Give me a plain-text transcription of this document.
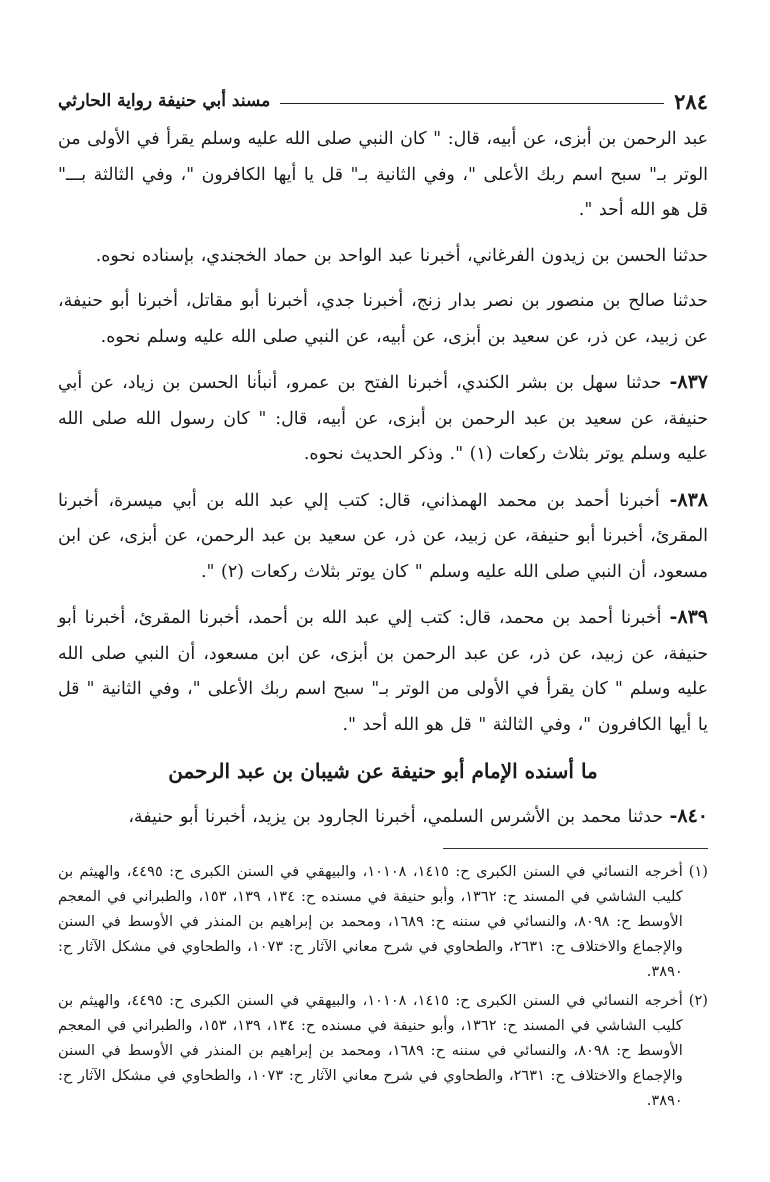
٢٨٤
مسند أبي حنيفة رواية الحارثي

عبد الرحمن بن أبزى، عن أبيه، قال: " كان النبي صلى الله عليه وسلم يقرأ في الأولى من الوتر بـ" سبح اسم ربك الأعلى "، وفي الثانية بـ" قل يا أيها الكافرون "، وفي الثالثة بـــ" قل هو الله أحد ".

حدثنا الحسن بن زيدون الفرغاني، أخبرنا عبد الواحد بن حماد الخجندي، بإسناده نحوه.

حدثنا صالح بن منصور بن نصر بدار زنج، أخبرنا جدي، أخبرنا أبو مقاتل، أخبرنا أبو حنيفة، عن زبيد، عن ذر، عن سعيد بن أبزى، عن أبيه، عن النبي صلى الله عليه وسلم نحوه.

٨٣٧- حدثنا سهل بن بشر الكندي، أخبرنا الفتح بن عمرو، أنبأنا الحسن بن زياد، عن أبي حنيفة، عن سعيد بن عبد الرحمن بن أبزى، عن أبيه، قال: " كان رسول الله صلى الله عليه وسلم يوتر بثلاث ركعات (١) ". وذكر الحديث نحوه.

٨٣٨- أخبرنا أحمد بن محمد الهمذاني، قال: كتب إلي عبد الله بن أبي ميسرة، أخبرنا المقرئ، أخبرنا أبو حنيفة، عن زبيد، عن ذر، عن سعيد بن عبد الرحمن، عن أبزى، عن ابن مسعود، أن النبي صلى الله عليه وسلم " كان يوتر بثلاث ركعات (٢) ".

٨٣٩- أخبرنا أحمد بن محمد، قال: كتب إلي عبد الله بن أحمد، أخبرنا المقرئ، أخبرنا أبو حنيفة، عن زبيد، عن ذر، عن عبد الرحمن بن أبزى، عن ابن مسعود، أن النبي صلى الله عليه وسلم " كان يقرأ في الأولى من الوتر بـ" سبح اسم ربك الأعلى "، وفي الثانية " قل يا أيها الكافرون "، وفي الثالثة " قل هو الله أحد ".

ما أسنده الإمام أبو حنيفة عن شيبان بن عبد الرحمن

٨٤٠- حدثنا محمد بن الأشرس السلمي، أخبرنا الجارود بن يزيد، أخبرنا أبو حنيفة،

(١)
أخرجه النسائي في السنن الكبرى ح: ١٤١٥، ١٠١٠٨، والبيهقي في السنن الكبرى ح: ٤٤٩٥، والهيثم بن كليب الشاشي في المسند ح: ١٣٦٢، وأبو حنيفة في مسنده ح: ١٣٤، ١٣٩، ١٥٣، والطبراني في المعجم الأوسط ح: ٨٠٩٨، والنسائي في سننه ح: ١٦٨٩، ومحمد بن إبراهيم بن المنذر في الأوسط في السنن والإجماع والاختلاف ح: ٢٦٣١، والطحاوي في شرح معاني الآثار ح: ١٠٧٣، والطحاوي في مشكل الآثار ح: ٣٨٩٠.
(٢)
أخرجه النسائي في السنن الكبرى ح: ١٤١٥، ١٠١٠٨، والبيهقي في السنن الكبرى ح: ٤٤٩٥، والهيثم بن كليب الشاشي في المسند ح: ١٣٦٢، وأبو حنيفة في مسنده ح: ١٣٤، ١٣٩، ١٥٣، والطبراني في المعجم الأوسط ح: ٨٠٩٨، والنسائي في سننه ح: ١٦٨٩، ومحمد بن إبراهيم بن المنذر في الأوسط في السنن والإجماع والاختلاف ح: ٢٦٣١، والطحاوي في شرح معاني الآثار ح: ١٠٧٣، والطحاوي في مشكل الآثار ح: ٣٨٩٠.
